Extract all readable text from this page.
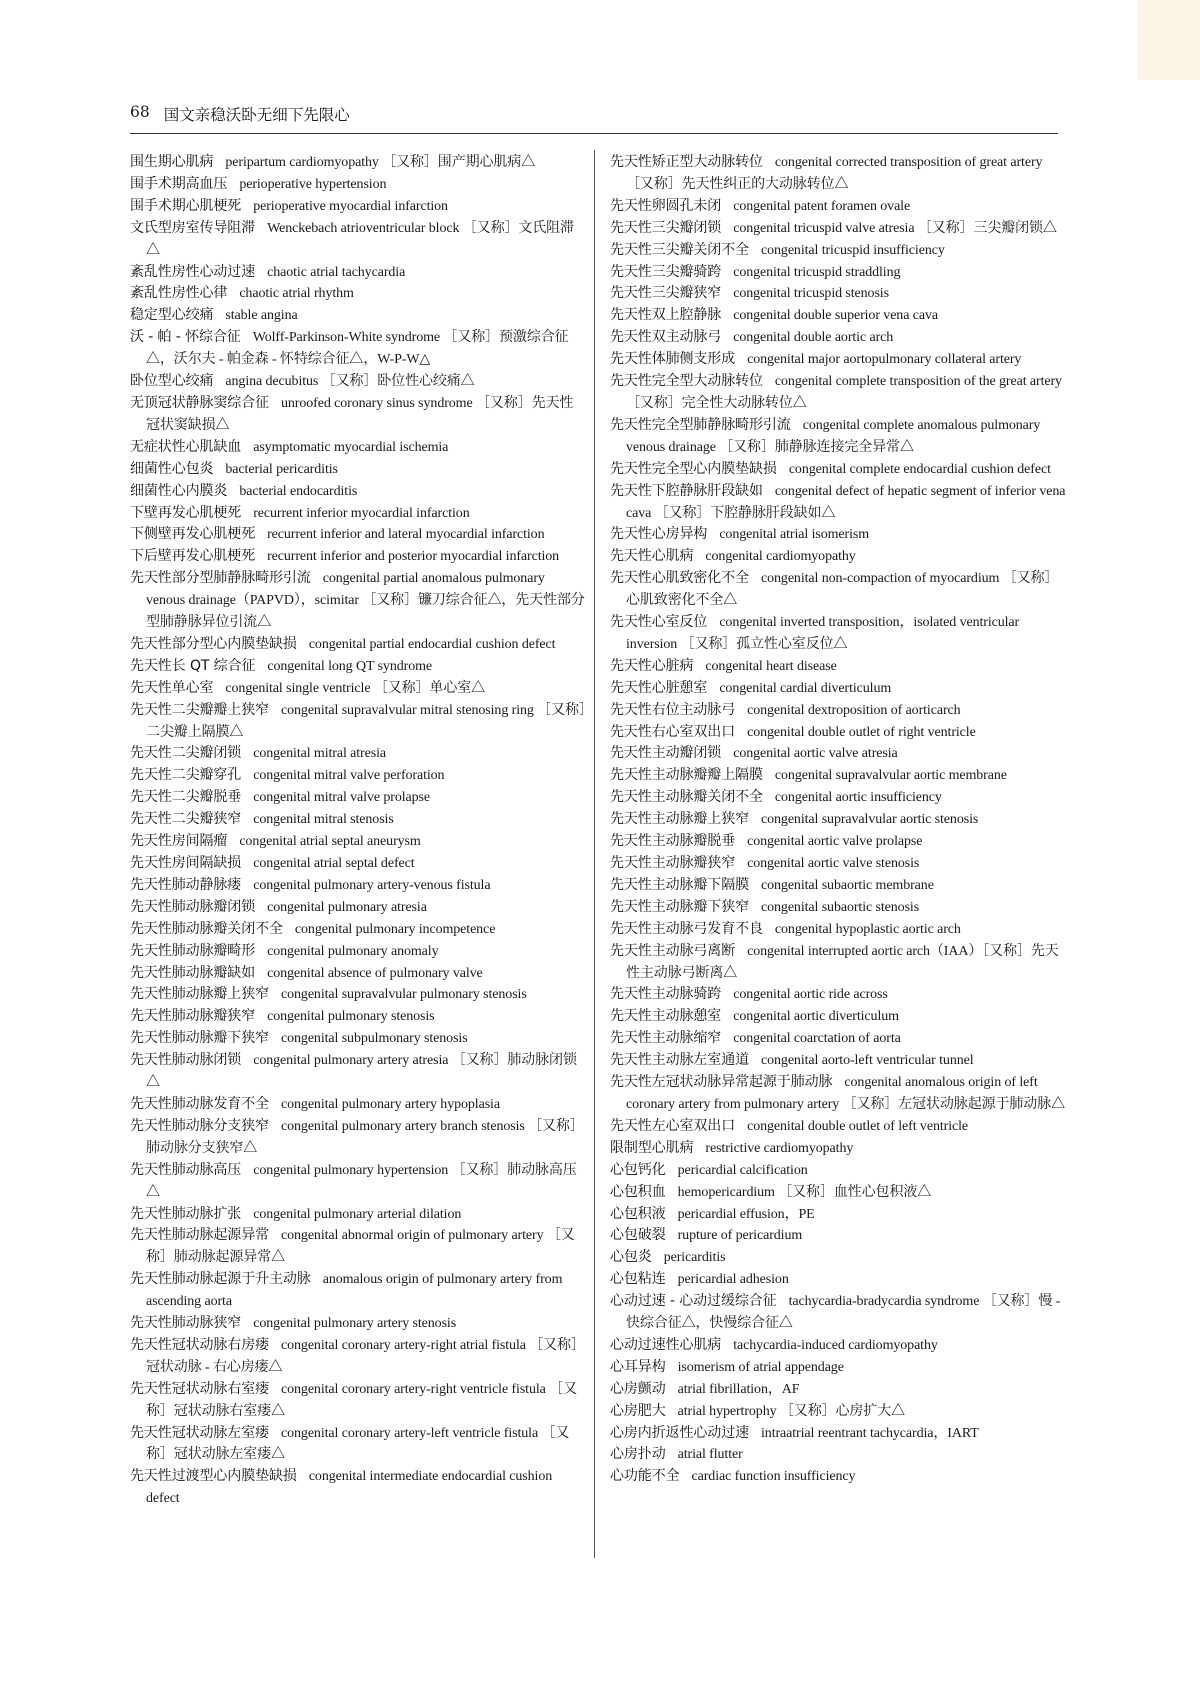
68 国文亲稳沃卧无细下先限心
围生期心肌病 peripartum cardiomyopathy ［又称］围产期心肌病△
围手术期高血压 perioperative hypertension
围手术期心肌梗死 perioperative myocardial infarction
文氏型房室传导阻滞 Wenckebach atrioventricular block ［又称］文氏阻滞△
紊乱性房性心动过速 chaotic atrial tachycardia
紊乱性房性心律 chaotic atrial rhythm
稳定型心绞痛 stable angina
沃 - 帕 - 怀综合征 Wolff-Parkinson-White syndrome ［又称］预激综合征△，沃尔夫 - 帕金森 - 怀特综合征△，W-P-W△
卧位型心绞痛 angina decubitus ［又称］卧位性心绞痛△
无顶冠状静脉窦综合征 unroofed coronary sinus syndrome ［又称］先天性冠状窦缺损△
无症状性心肌缺血 asymptomatic myocardial ischemia
细菌性心包炎 bacterial pericarditis
细菌性心内膜炎 bacterial endocarditis
下壁再发心肌梗死 recurrent inferior myocardial infarction
下侧壁再发心肌梗死 recurrent inferior and lateral myocardial infarction
下后壁再发心肌梗死 recurrent inferior and posterior myocardial infarction
先天性部分型肺静脉畸形引流 congenital partial anomalous pulmonary venous drainage（PAPVD），scimitar ［又称］镰刀综合征△，先天性部分型肺静脉异位引流△
先天性部分型心内膜垫缺损 congenital partial endocardial cushion defect
先天性长 QT 综合征 congenital long QT syndrome
先天性单心室 congenital single ventricle ［又称］单心室△
先天性二尖瓣瓣上狭窄 congenital supravalvular mitral stenosing ring ［又称］二尖瓣上隔膜△
先天性二尖瓣闭锁 congenital mitral atresia
先天性二尖瓣穿孔 congenital mitral valve perforation
先天性二尖瓣脱垂 congenital mitral valve prolapse
先天性二尖瓣狭窄 congenital mitral stenosis
先天性房间隔瘤 congenital atrial septal aneurysm
先天性房间隔缺损 congenital atrial septal defect
先天性肺动静脉瘘 congenital pulmonary artery-venous fistula
先天性肺动脉瓣闭锁 congenital pulmonary atresia
先天性肺动脉瓣关闭不全 congenital pulmonary incompetence
先天性肺动脉瓣畸形 congenital pulmonary anomaly
先天性肺动脉瓣缺如 congenital absence of pulmonary valve
先天性肺动脉瓣上狭窄 congenital supravalvular pulmonary stenosis
先天性肺动脉瓣狭窄 congenital pulmonary stenosis
先天性肺动脉瓣下狭窄 congenital subpulmonary stenosis
先天性肺动脉闭锁 congenital pulmonary artery atresia ［又称］肺动脉闭锁△
先天性肺动脉发育不全 congenital pulmonary artery hypoplasia
先天性肺动脉分支狭窄 congenital pulmonary artery branch stenosis ［又称］肺动脉分支狭窄△
先天性肺动脉高压 congenital pulmonary hypertension ［又称］肺动脉高压△
先天性肺动脉扩张 congenital pulmonary arterial dilation
先天性肺动脉起源异常 congenital abnormal origin of pulmonary artery ［又称］肺动脉起源异常△
先天性肺动脉起源于升主动脉 anomalous origin of pulmonary artery from ascending aorta
先天性肺动脉狭窄 congenital pulmonary artery stenosis
先天性冠状动脉右房瘘 congenital coronary artery-right atrial fistula ［又称］冠状动脉 - 右心房瘘△
先天性冠状动脉右室瘘 congenital coronary artery-right ventricle fistula ［又称］冠状动脉右室瘘△
先天性冠状动脉左室瘘 congenital coronary artery-left ventricle fistula ［又称］冠状动脉左室瘘△
先天性过渡型心内膜垫缺损 congenital intermediate endocardial cushion defect
先天性矫正型大动脉转位 congenital corrected transposition of great artery ［又称］先天性纠正的大动脉转位△
先天性卵圆孔未闭 congenital patent foramen ovale
先天性三尖瓣闭锁 congenital tricuspid valve atresia ［又称］三尖瓣闭锁△
先天性三尖瓣关闭不全 congenital tricuspid insufficiency
先天性三尖瓣骑跨 congenital tricuspid straddling
先天性三尖瓣狭窄 congenital tricuspid stenosis
先天性双上腔静脉 congenital double superior vena cava
先天性双主动脉弓 congenital double aortic arch
先天性体肺侧支形成 congenital major aortopulmonary collateral artery
先天性完全型大动脉转位 congenital complete transposition of the great artery ［又称］完全性大动脉转位△
先天性完全型肺静脉畸形引流 congenital complete anomalous pulmonary venous drainage ［又称］肺静脉连接完全异常△
先天性完全型心内膜垫缺损 congenital complete endocardial cushion defect
先天性下腔静脉肝段缺如 congenital defect of hepatic segment of inferior vena cava ［又称］下腔静脉肝段缺如△
先天性心房异构 congenital atrial isomerism
先天性心肌病 congenital cardiomyopathy
先天性心肌致密化不全 congenital non-compaction of myocardium ［又称］心肌致密化不全△
先天性心室反位 congenital inverted transposition，isolated ventricular inversion ［又称］孤立性心室反位△
先天性心脏病 congenital heart disease
先天性心脏憩室 congenital cardial diverticulum
先天性右位主动脉弓 congenital dextroposition of aorticarch
先天性右心室双出口 congenital double outlet of right ventricle
先天性主动瓣闭锁 congenital aortic valve atresia
先天性主动脉瓣瓣上隔膜 congenital supravalvular aortic membrane
先天性主动脉瓣关闭不全 congenital aortic insufficiency
先天性主动脉瓣上狭窄 congenital supravalvular aortic stenosis
先天性主动脉瓣脱垂 congenital aortic valve prolapse
先天性主动脉瓣狭窄 congenital aortic valve stenosis
先天性主动脉瓣下隔膜 congenital subaortic membrane
先天性主动脉瓣下狭窄 congenital subaortic stenosis
先天性主动脉弓发育不良 congenital hypoplastic aortic arch
先天性主动脉弓离断 congenital interrupted aortic arch（IAA）［又称］先天性主动脉弓断离△
先天性主动脉骑跨 congenital aortic ride across
先天性主动脉憩室 congenital aortic diverticulum
先天性主动脉缩窄 congenital coarctation of aorta
先天性主动脉左室通道 congenital aorto-left ventricular tunnel
先天性左冠状动脉异常起源于肺动脉 congenital anomalous origin of left coronary artery from pulmonary artery ［又称］左冠状动脉起源于肺动脉△
先天性左心室双出口 congenital double outlet of left ventricle
限制型心肌病 restrictive cardiomyopathy
心包钙化 pericardial calcification
心包积血 hemopericardium ［又称］血性心包积液△
心包积液 pericardial effusion，PE
心包破裂 rupture of pericardium
心包炎 pericarditis
心包粘连 pericardial adhesion
心动过速 - 心动过缓综合征 tachycardia-bradycardia syndrome ［又称］慢 - 快综合征△，快慢综合征△
心动过速性心肌病 tachycardia-induced cardiomyopathy
心耳异构 isomerism of atrial appendage
心房颤动 atrial fibrillation，AF
心房肥大 atrial hypertrophy ［又称］心房扩大△
心房内折返性心动过速 intraatrial reentrant tachycardia，IART
心房扑动 atrial flutter
心功能不全 cardiac function insufficiency
